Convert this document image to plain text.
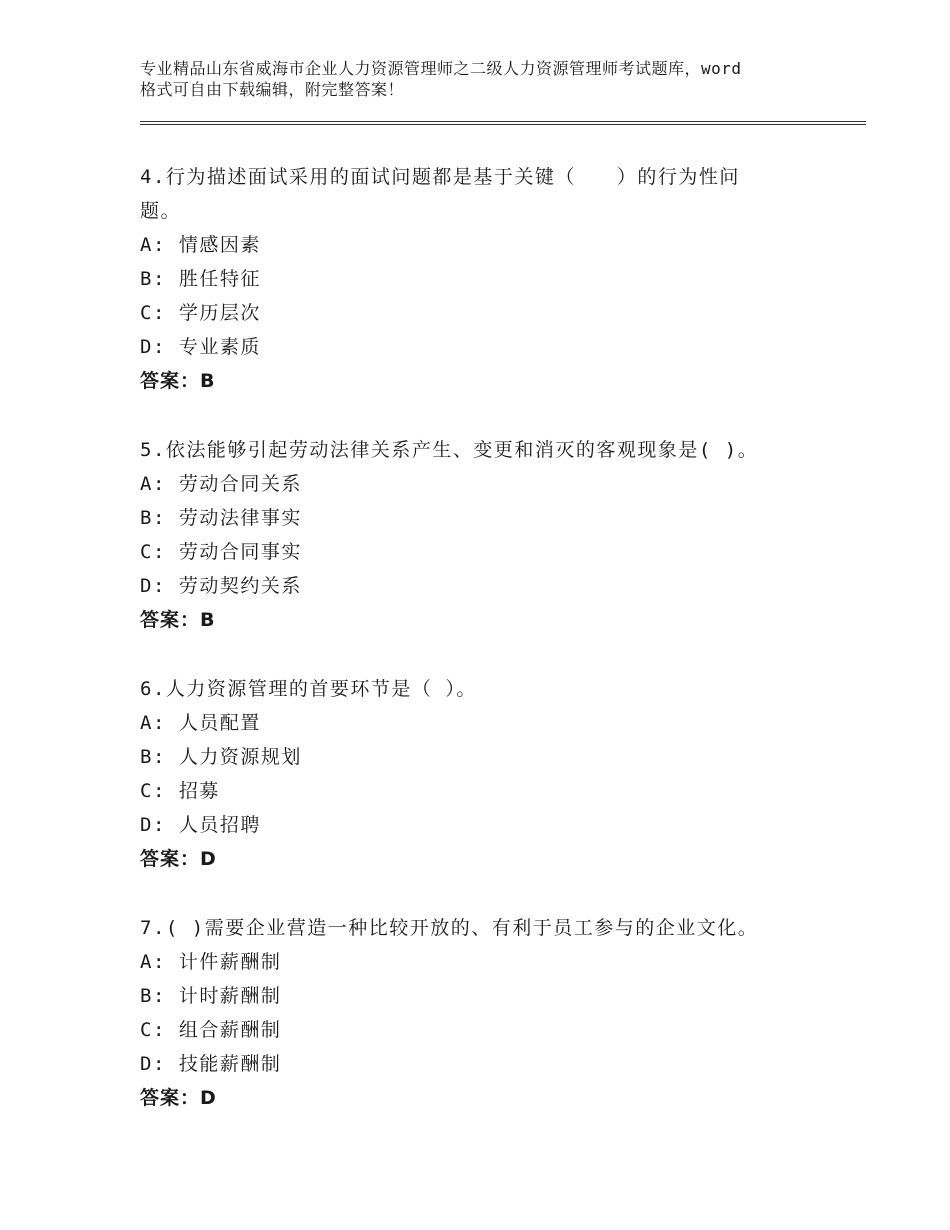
专业精品山东省威海市企业人力资源管理师之二级人力资源管理师考试题库，word
格式可自由下载编辑，附完整答案！
4.行为描述面试采用的面试问题都是基于关键（　　）的行为性问
题。
A: 情感因素
B: 胜任特征
C: 学历层次
D: 专业素质
答案：B
5.依法能够引起劳动法律关系产生、变更和消灭的客观现象是( )。
A: 劳动合同关系
B: 劳动法律事实
C: 劳动合同事实
D: 劳动契约关系
答案：B
6.人力资源管理的首要环节是（ ）。
A: 人员配置
B: 人力资源规划
C: 招募
D: 人员招聘
答案：D
7.( )需要企业营造一种比较开放的、有利于员工参与的企业文化。
A: 计件薪酬制
B: 计时薪酬制
C: 组合薪酬制
D: 技能薪酬制
答案：D
